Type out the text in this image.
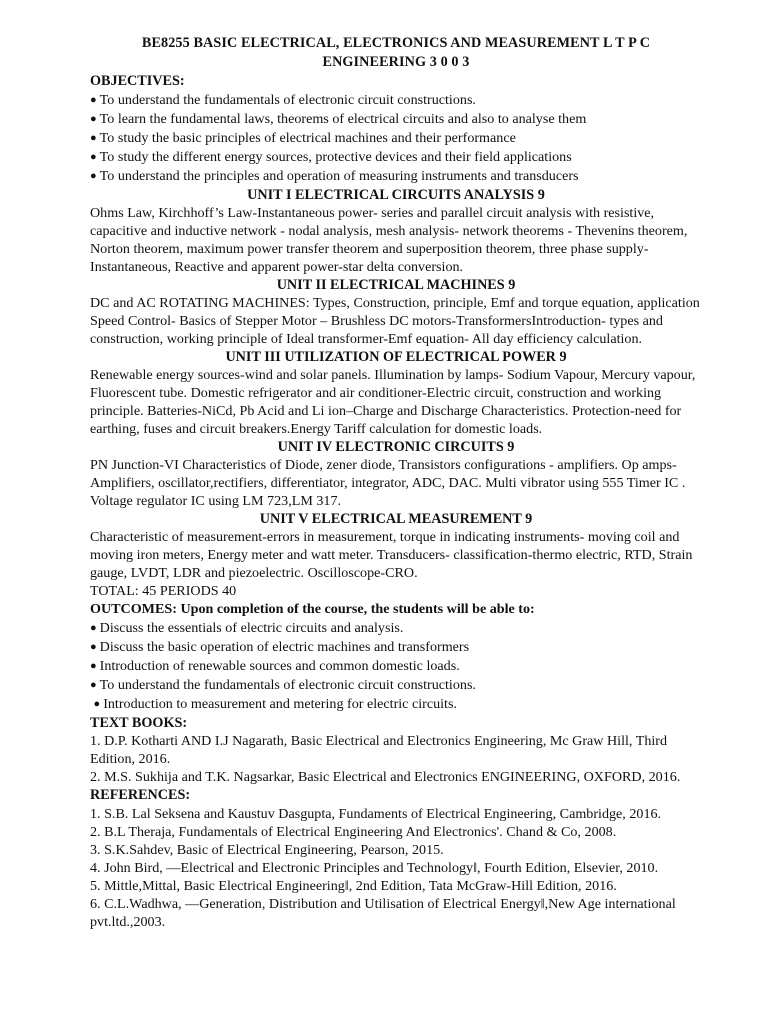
BE8255 BASIC ELECTRICAL, ELECTRONICS AND MEASUREMENT L T P C

ENGINEERING 3 0 0 3

OBJECTIVES:

● To understand the fundamentals of electronic circuit constructions.
● To learn the fundamental laws, theorems of electrical circuits and also to analyse them
● To study the basic principles of electrical machines and their performance
● To study the different energy sources, protective devices and their field applications
● To understand the principles and operation of measuring instruments and transducers

UNIT I ELECTRICAL CIRCUITS ANALYSIS 9

Ohms Law, Kirchhoff’s Law-Instantaneous power- series and parallel circuit analysis with resistive, capacitive and inductive network - nodal analysis, mesh analysis- network theorems - Thevenins theorem, Norton theorem, maximum power transfer theorem and superposition theorem, three phase supply-Instantaneous, Reactive and apparent power-star delta conversion.

UNIT II ELECTRICAL MACHINES 9

DC and AC ROTATING MACHINES: Types, Construction, principle, Emf and torque equation, application Speed Control- Basics of Stepper Motor – Brushless DC motors-TransformersIntroduction- types and construction, working principle of Ideal transformer-Emf equation- All day efficiency calculation.

UNIT III UTILIZATION OF ELECTRICAL POWER 9

Renewable energy sources-wind and solar panels. Illumination by lamps- Sodium Vapour, Mercury vapour, Fluorescent tube. Domestic refrigerator and air conditioner-Electric circuit, construction and working principle. Batteries-NiCd, Pb Acid and Li ion–Charge and Discharge Characteristics. Protection-need for earthing, fuses and circuit breakers.Energy Tariff calculation for domestic loads.

UNIT IV ELECTRONIC CIRCUITS 9

PN Junction-VI Characteristics of Diode, zener diode, Transistors configurations - amplifiers. Op amps- Amplifiers, oscillator,rectifiers, differentiator, integrator, ADC, DAC. Multi vibrator using 555 Timer IC . Voltage regulator IC using LM 723,LM 317.

UNIT V ELECTRICAL MEASUREMENT 9

Characteristic of measurement-errors in measurement, torque in indicating instruments- moving coil and moving iron meters, Energy meter and watt meter. Transducers- classification-thermo electric, RTD, Strain gauge, LVDT, LDR and piezoelectric. Oscilloscope-CRO.

TOTAL: 45 PERIODS 40

OUTCOMES: Upon completion of the course, the students will be able to:

● Discuss the essentials of electric circuits and analysis.
● Discuss the basic operation of electric machines and transformers
● Introduction of renewable sources and common domestic loads.
● To understand the fundamentals of electronic circuit constructions.
● Introduction to measurement and metering for electric circuits.

TEXT BOOKS:

1. D.P. Kotharti AND I.J Nagarath, Basic Electrical and Electronics Engineering, Mc Graw Hill, Third Edition, 2016.

2. M.S. Sukhija and T.K. Nagsarkar, Basic Electrical and Electronics ENGINEERING, OXFORD, 2016.

REFERENCES:

1. S.B. Lal Seksena and Kaustuv Dasgupta, Fundaments of Electrical Engineering, Cambridge, 2016.

2. B.L Theraja, Fundamentals of Electrical Engineering And Electronics'. Chand & Co, 2008.

3. S.K.Sahdev, Basic of Electrical Engineering, Pearson, 2015.

4. John Bird, ―Electrical and Electronic Principles and Technology‖, Fourth Edition, Elsevier, 2010.

5. Mittle,Mittal, Basic Electrical Engineering‖, 2nd Edition, Tata McGraw-Hill Edition, 2016.

6. C.L.Wadhwa, ―Generation, Distribution and Utilisation of Electrical Energy‖,New Age international pvt.ltd.,2003.
